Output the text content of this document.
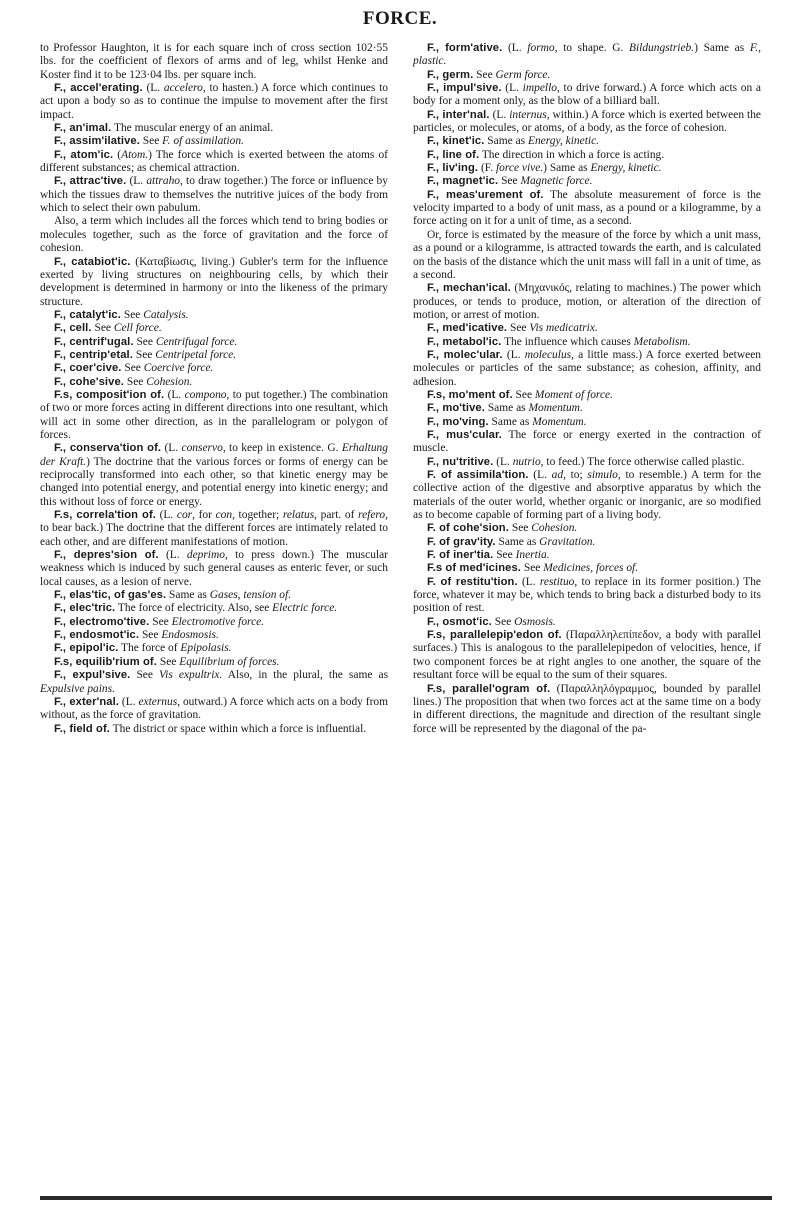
FORCE.

to Professor Haughton, it is for each square inch of cross section 102·55 lbs. for the coefficient of flexors of arms and of leg, whilst Henke and Koster find it to be 123·04 lbs. per square inch.

F., accel'erating. (L. accelero, to hasten.) A force which continues to act upon a body so as to continue the impulse to movement after the first impact.

F., an'imal. The muscular energy of an animal.

F., assim'ilative. See F. of assimilation.

F., atom'ic. (Atom.) The force which is exerted between the atoms of different substances; as chemical attraction.

F., attrac'tive. (L. attraho, to draw together.) The force or influence by which the tissues draw to themselves the nutritive juices of the body from which to select their own pabulum.

Also, a term which includes all the forces which tend to bring bodies or molecules together, such as the force of gravitation and the force of cohesion.

F., catabiot'ic. (Καταβίωσις, living.) Gubler's term for the influence exerted by living structures on neighbouring cells, by which their development is determined in harmony or into the likeness of the primary structure.

F., catalyt'ic. See Catalysis.

F., cell. See Cell force.

F., centrif'ugal. See Centrifugal force.

F., centrip'etal. See Centripetal force.

F., coer'cive. See Coercive force.

F., cohe'sive. See Cohesion.

F.s, composit'ion of. (L. compono, to put together.) The combination of two or more forces acting in different directions into one resultant, which will act in some other direction, as in the parallelogram or polygon of forces.

F., conserva'tion of. (L. conservo, to keep in existence. G. Erhaltung der Kraft.) The doctrine that the various forces or forms of energy can be reciprocally transformed into each other, so that kinetic energy may be changed into potential energy, and potential energy into kinetic energy; and this without loss of force or energy.

F.s, correla'tion of. (L. cor, for con, together; relatus, part. of refero, to bear back.) The doctrine that the different forces are intimately related to each other, and are different manifestations of motion.

F., depres'sion of. (L. deprimo, to press down.) The muscular weakness which is induced by such general causes as enteric fever, or such local causes, as a lesion of nerve.

F., elas'tic, of gas'es. Same as Gases, tension of.

F., elec'tric. The force of electricity. Also, see Electric force.

F., electromo'tive. See Electromotive force.

F., endosmot'ic. See Endosmosis.

F., epipol'ic. The force of Epipolasis.

F.s, equilib'rium of. See Equilibrium of forces.

F., expul'sive. See Vis expultrix. Also, in the plural, the same as Expulsive pains.

F., exter'nal. (L. externus, outward.) A force which acts on a body from without, as the force of gravitation.

F., field of. The district or space within which a force is influential.

F., form'ative. (L. formo, to shape. G. Bildungstrieb.) Same as F., plastic.

F., germ. See Germ force.

F., impul'sive. (L. impello, to drive forward.) A force which acts on a body for a moment only, as the blow of a billiard ball.

F., inter'nal. (L. internus, within.) A force which is exerted between the particles, or molecules, or atoms, of a body, as the force of cohesion.

F., kinet'ic. Same as Energy, kinetic.

F., line of. The direction in which a force is acting.

F., liv'ing. (F. force vive.) Same as Energy, kinetic.

F., magnet'ic. See Magnetic force.

F., meas'urement of. The absolute measurement of force is the velocity imparted to a body of unit mass, as a pound or a kilogramme, by a force acting on it for a unit of time, as a second.

Or, force is estimated by the measure of the force by which a unit mass, as a pound or a kilogramme, is attracted towards the earth, and is calculated on the basis of the distance which the unit mass will fall in a unit of time, as a second.

F., mechan'ical. (Μηχανικός, relating to machines.) The power which produces, or tends to produce, motion, or alteration of the direction of motion, or arrest of motion.

F., med'icative. See Vis medicatrix.

F., metabol'ic. The influence which causes Metabolism.

F., molec'ular. (L. moleculus, a little mass.) A force exerted between molecules or particles of the same substance; as cohesion, affinity, and adhesion.

F.s, mo'ment of. See Moment of force.

F., mo'tive. Same as Momentum.

F., mo'ving. Same as Momentum.

F., mus'cular. The force or energy exerted in the contraction of muscle.

F., nu'tritive. (L. nutrio, to feed.) The force otherwise called plastic.

F. of assimila'tion. (L. ad, to; simulo, to resemble.) A term for the collective action of the digestive and absorptive apparatus by which the materials of the outer world, whether organic or inorganic, are so modified as to become capable of forming part of a living body.

F. of cohe'sion. See Cohesion.

F. of grav'ity. Same as Gravitation.

F. of iner'tia. See Inertia.

F.s of med'icines. See Medicines, forces of.

F. of restitu'tion. (L. restituo, to replace in its former position.) The force, whatever it may be, which tends to bring back a disturbed body to its position of rest.

F., osmot'ic. See Osmosis.

F.s, parallelepip'edon of. (Παραλληλεπίπεδον, a body with parallel surfaces.) This is analogous to the parallelepipedon of velocities, hence, if two component forces be at right angles to one another, the square of the resultant force will be equal to the sum of their squares.

F.s, parallel'ogram of. (Παραλληλόγραμμος, bounded by parallel lines.) The proposition that when two forces act at the same time on a body in different directions, the magnitude and direction of the resultant single force will be represented by the diagonal of the pa-
